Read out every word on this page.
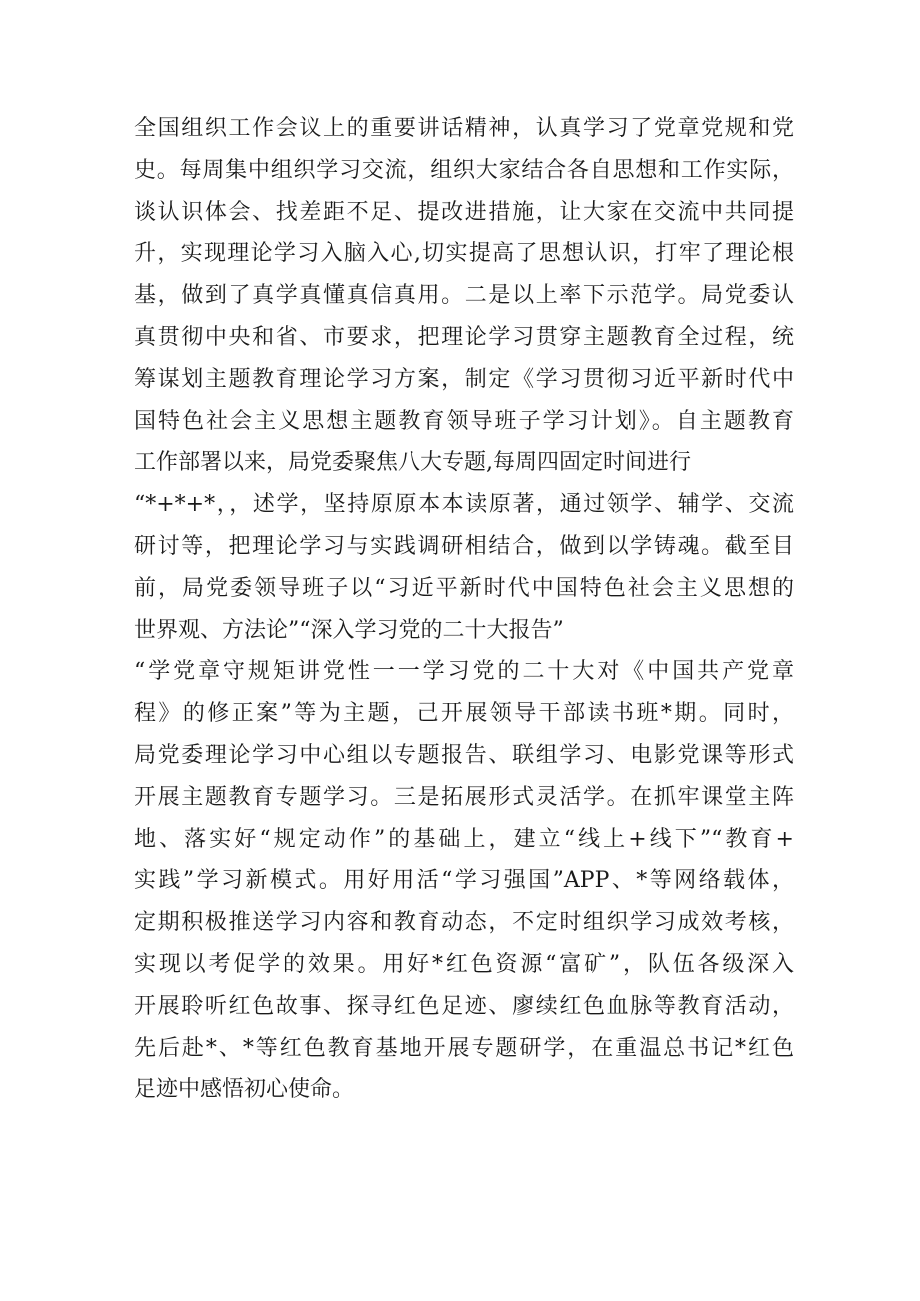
全国组织工作会议上的重要讲话精神，认真学习了党章党规和党
史。每周集中组织学习交流，组织大家结合各自思想和工作实际，
谈认识体会、找差距不足、提改进措施，让大家在交流中共同提
升，实现理论学习入脑入心,切实提高了思想认识，打牢了理论根
基，做到了真学真懂真信真用。二是以上率下示范学。局党委认
真贯彻中央和省、市要求，把理论学习贯穿主题教育全过程，统
筹谋划主题教育理论学习方案，制定《学习贯彻习近平新时代中
国特色社会主义思想主题教育领导班子学习计划》。自主题教育
工作部署以来，局党委聚焦八大专题,每周四固定时间进行
“*+*+*，，述学，坚持原原本本读原著，通过领学、辅学、交流
研讨等，把理论学习与实践调研相结合，做到以学铸魂。截至目
前，局党委领导班子以“习近平新时代中国特色社会主义思想的
世界观、方法论”“深入学习党的二十大报告”
“学党章守规矩讲党性一一学习党的二十大对《中国共产党章
程》的修正案”等为主题，己开展领导干部读书班*期。同时，
局党委理论学习中心组以专题报告、联组学习、电影党课等形式
开展主题教育专题学习。三是拓展形式灵活学。在抓牢课堂主阵
地、落实好“规定动作”的基础上，建立“线上+线下”“教育+
实践”学习新模式。用好用活“学习强国”APP、*等网络载体，
定期积极推送学习内容和教育动态，不定时组织学习成效考核，
实现以考促学的效果。用好*红色资源“富矿”，队伍各级深入
开展聆听红色故事、探寻红色足迹、廖续红色血脉等教育活动，
先后赴*、*等红色教育基地开展专题研学，在重温总书记*红色
足迹中感悟初心使命。
